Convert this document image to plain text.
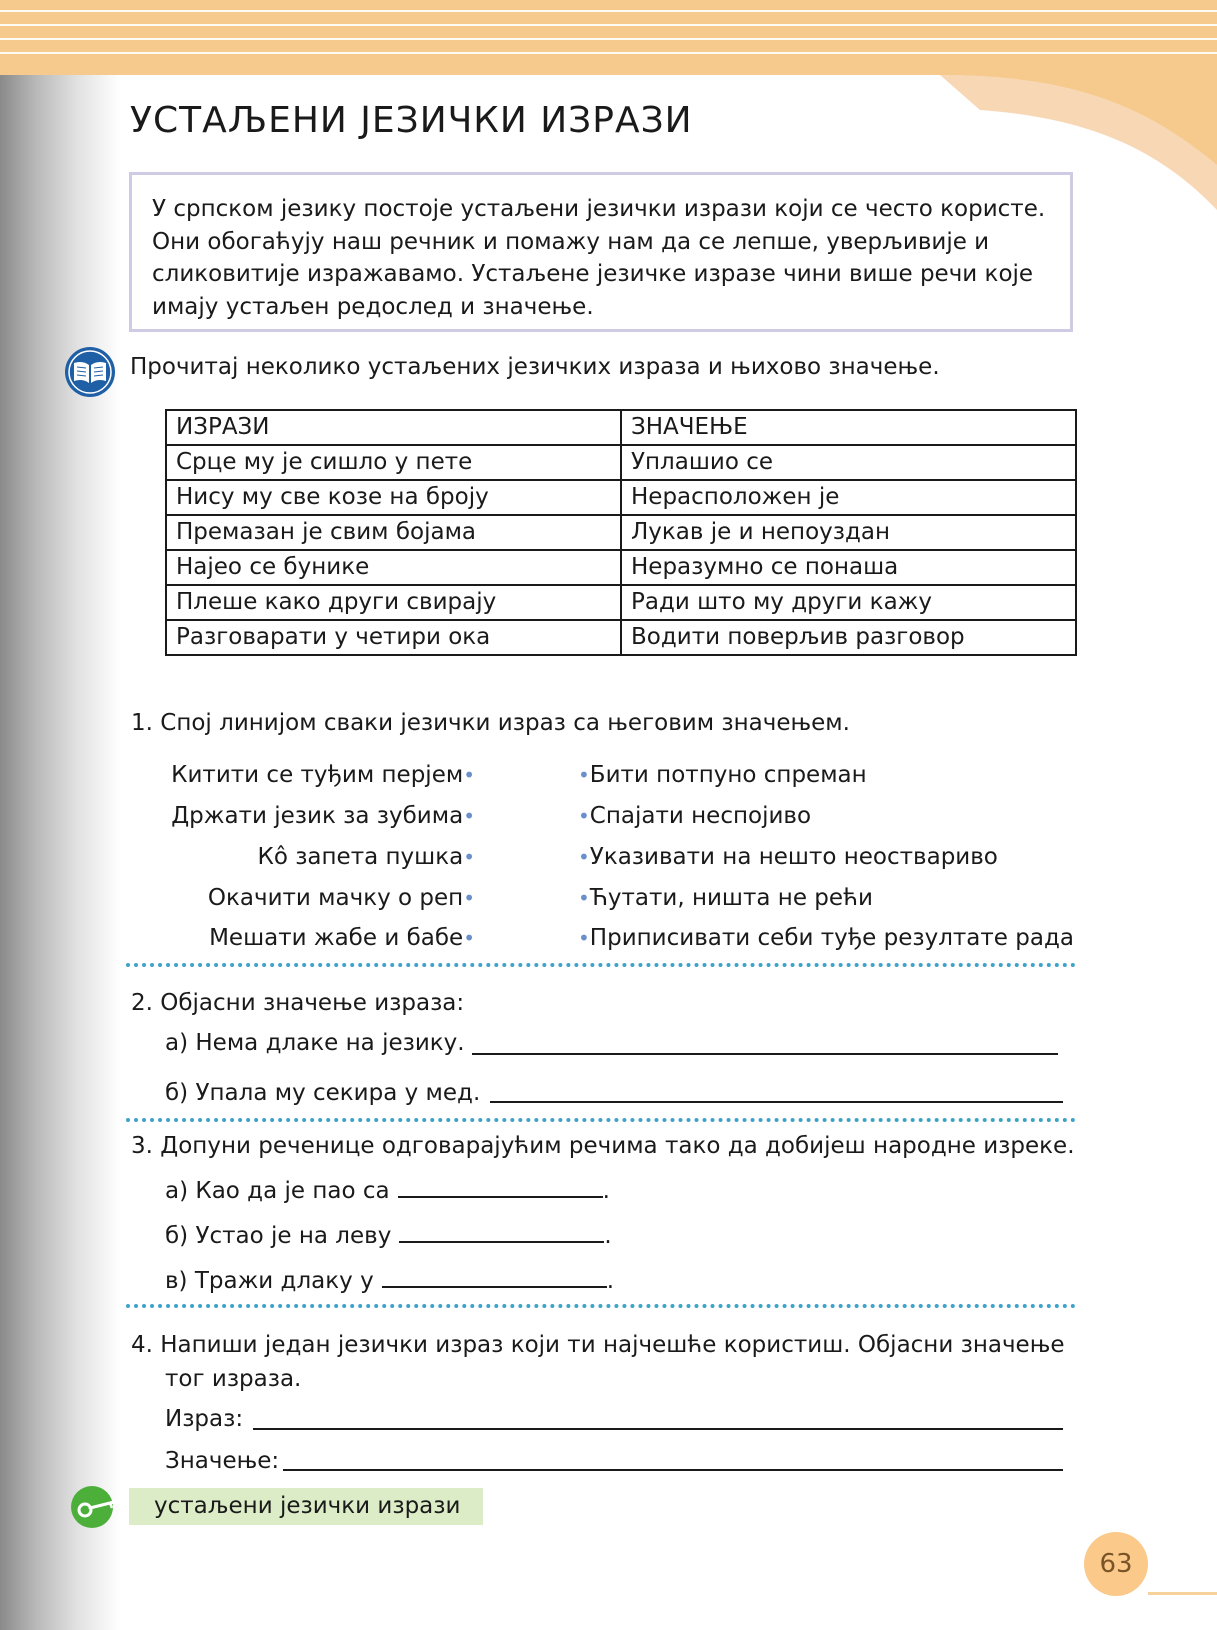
УСТАЉЕНИ ЈЕЗИЧКИ ИЗРАЗИ
У српском језику постоје устаљени језички изрази који се често користе.
Они обогаћују наш речник и помажу нам да се лепше, уверљивије и
сликовитије изражавамо. Устаљене језичке изразе чини више речи које
имају устаљен редослед и значење.
Прочитај неколико устаљених језичких израза и њихово значење.
ИЗРАЗИ	ЗНАЧЕЊЕ
Срце му је сишло у пете	Уплашио се
Нису му све козе на броју	Нерасположен је
Премазан је свим бојама	Лукав је и непоуздан
Најео се бунике	Неразумно се понаша
Плеше како други свирају	Ради што му други кажу
Разговарати у четири ока	Водити поверљив разговор
1. Спој линијом сваки језички израз са његовим значењем.
Китити се туђим перјем•
Држати језик за зубима•
Кô запета пушка•
Окачити мачку о реп•
Мешати жабе и бабе•
•Бити потпуно спреман
•Спајати неспојиво
•Указивати на нешто неоствариво
•Ћутати, ништа не рећи
•Приписивати себи туђе резултате рада
2. Објасни значење израза:
а) Нема длаке на језику.
б) Упала му секира у мед.
3. Допуни реченице одговарајућим речима тако да добијеш народне изреке.
а) Као да је пао са	.
б) Устао је на леву	.
в) Тражи длаку у	.
4. Напиши један језички израз који ти најчешће користиш. Објасни значење
тог израза.
Израз:
Значење:
устаљени језички изрази
63
